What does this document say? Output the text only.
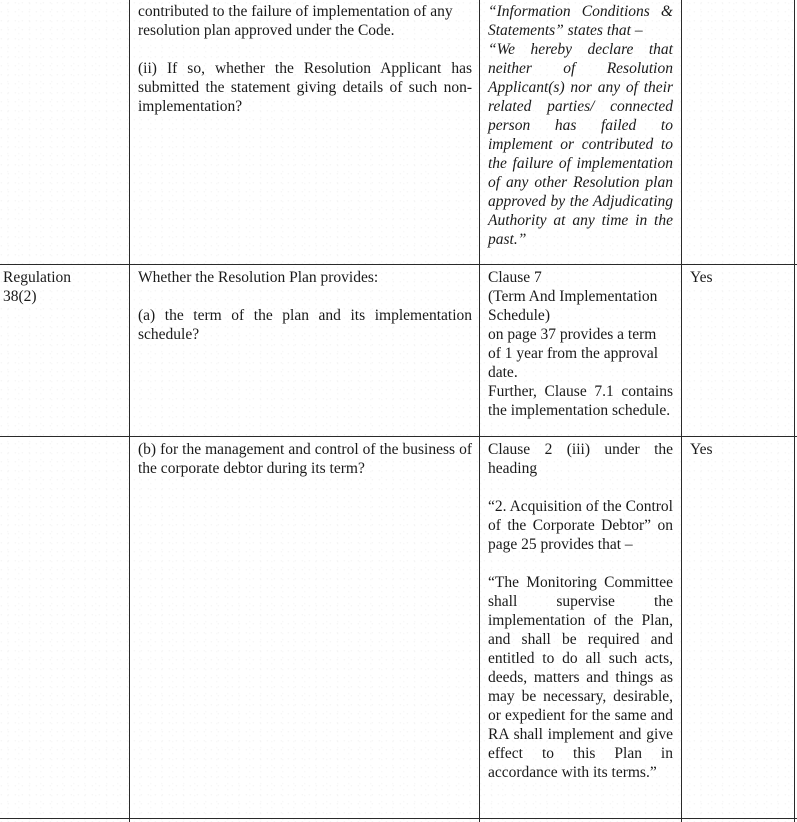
contributed to the failure of implementation of any

resolution plan approved under the Code.

(ii) If so, whether the Resolution Applicant has submitted the statement giving details of such non-implementation?

“Information Conditions & Statements” states that –

“We hereby declare that neither of Resolution Applicant(s) nor any of their related parties/ connected person has failed to implement or contributed to the failure of implementation of any other Resolution plan approved by the Adjudicating Authority at any time in the past.”

Regulation 38(2)

Whether the Resolution Plan provides:

(a) the term of the plan and its implementation schedule?

Clause 7

(Term And Implementation Schedule)

on page 37 provides a term of 1 year from the approval date.

Further, Clause 7.1 contains the implementation schedule.

Yes

(b) for the management and control of the business of the corporate debtor during its term?

Clause 2 (iii) under the heading

“2. Acquisition of the Control of the Corporate Debtor” on page 25 provides that –

“The Monitoring Committee shall supervise the implementation of the Plan, and shall be required and entitled to do all such acts, deeds, matters and things as may be necessary, desirable, or expedient for the same and RA shall implement and give effect to this Plan in accordance with its terms.”

Yes
